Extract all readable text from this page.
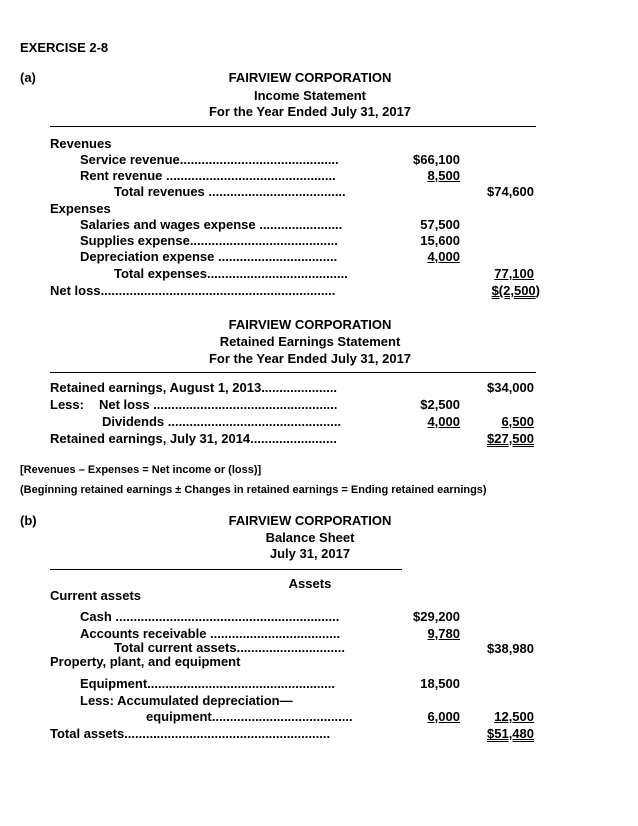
EXERCISE 2-8
(a)	FAIRVIEW CORPORATION
Income Statement
For the Year Ended July 31, 2017
Revenues
Service revenue............................................	$66,100
Rent revenue ...............................................	8,500
Total revenues ......................................	$74,600
Expenses
Salaries and wages expense .......................	57,500
Supplies expense.........................................	15,600
Depreciation expense .................................	4,000
Total expenses.......................................	77,100
Net loss.................................................................	$(2,500)
FAIRVIEW CORPORATION
Retained Earnings Statement
For the Year Ended July 31, 2017
Retained earnings, August 1, 2013.....................	$34,000
Less: Net loss ...................................................	$2,500
Dividends ................................................	4,000	6,500
Retained earnings, July 31, 2014........................	$27,500
[Revenues – Expenses = Net income or (loss)]
(Beginning retained earnings ± Changes in retained earnings = Ending retained earnings)
(b)	FAIRVIEW CORPORATION
Balance Sheet
July 31, 2017
Assets
Current assets
Cash ..............................................................	$29,200
Accounts receivable ....................................	9,780
Total current assets..............................	$38,980
Property, plant, and equipment
Equipment....................................................	18,500
Less: Accumulated depreciation—
equipment.......................................	6,000	12,500
Total assets.........................................................	$51,480
